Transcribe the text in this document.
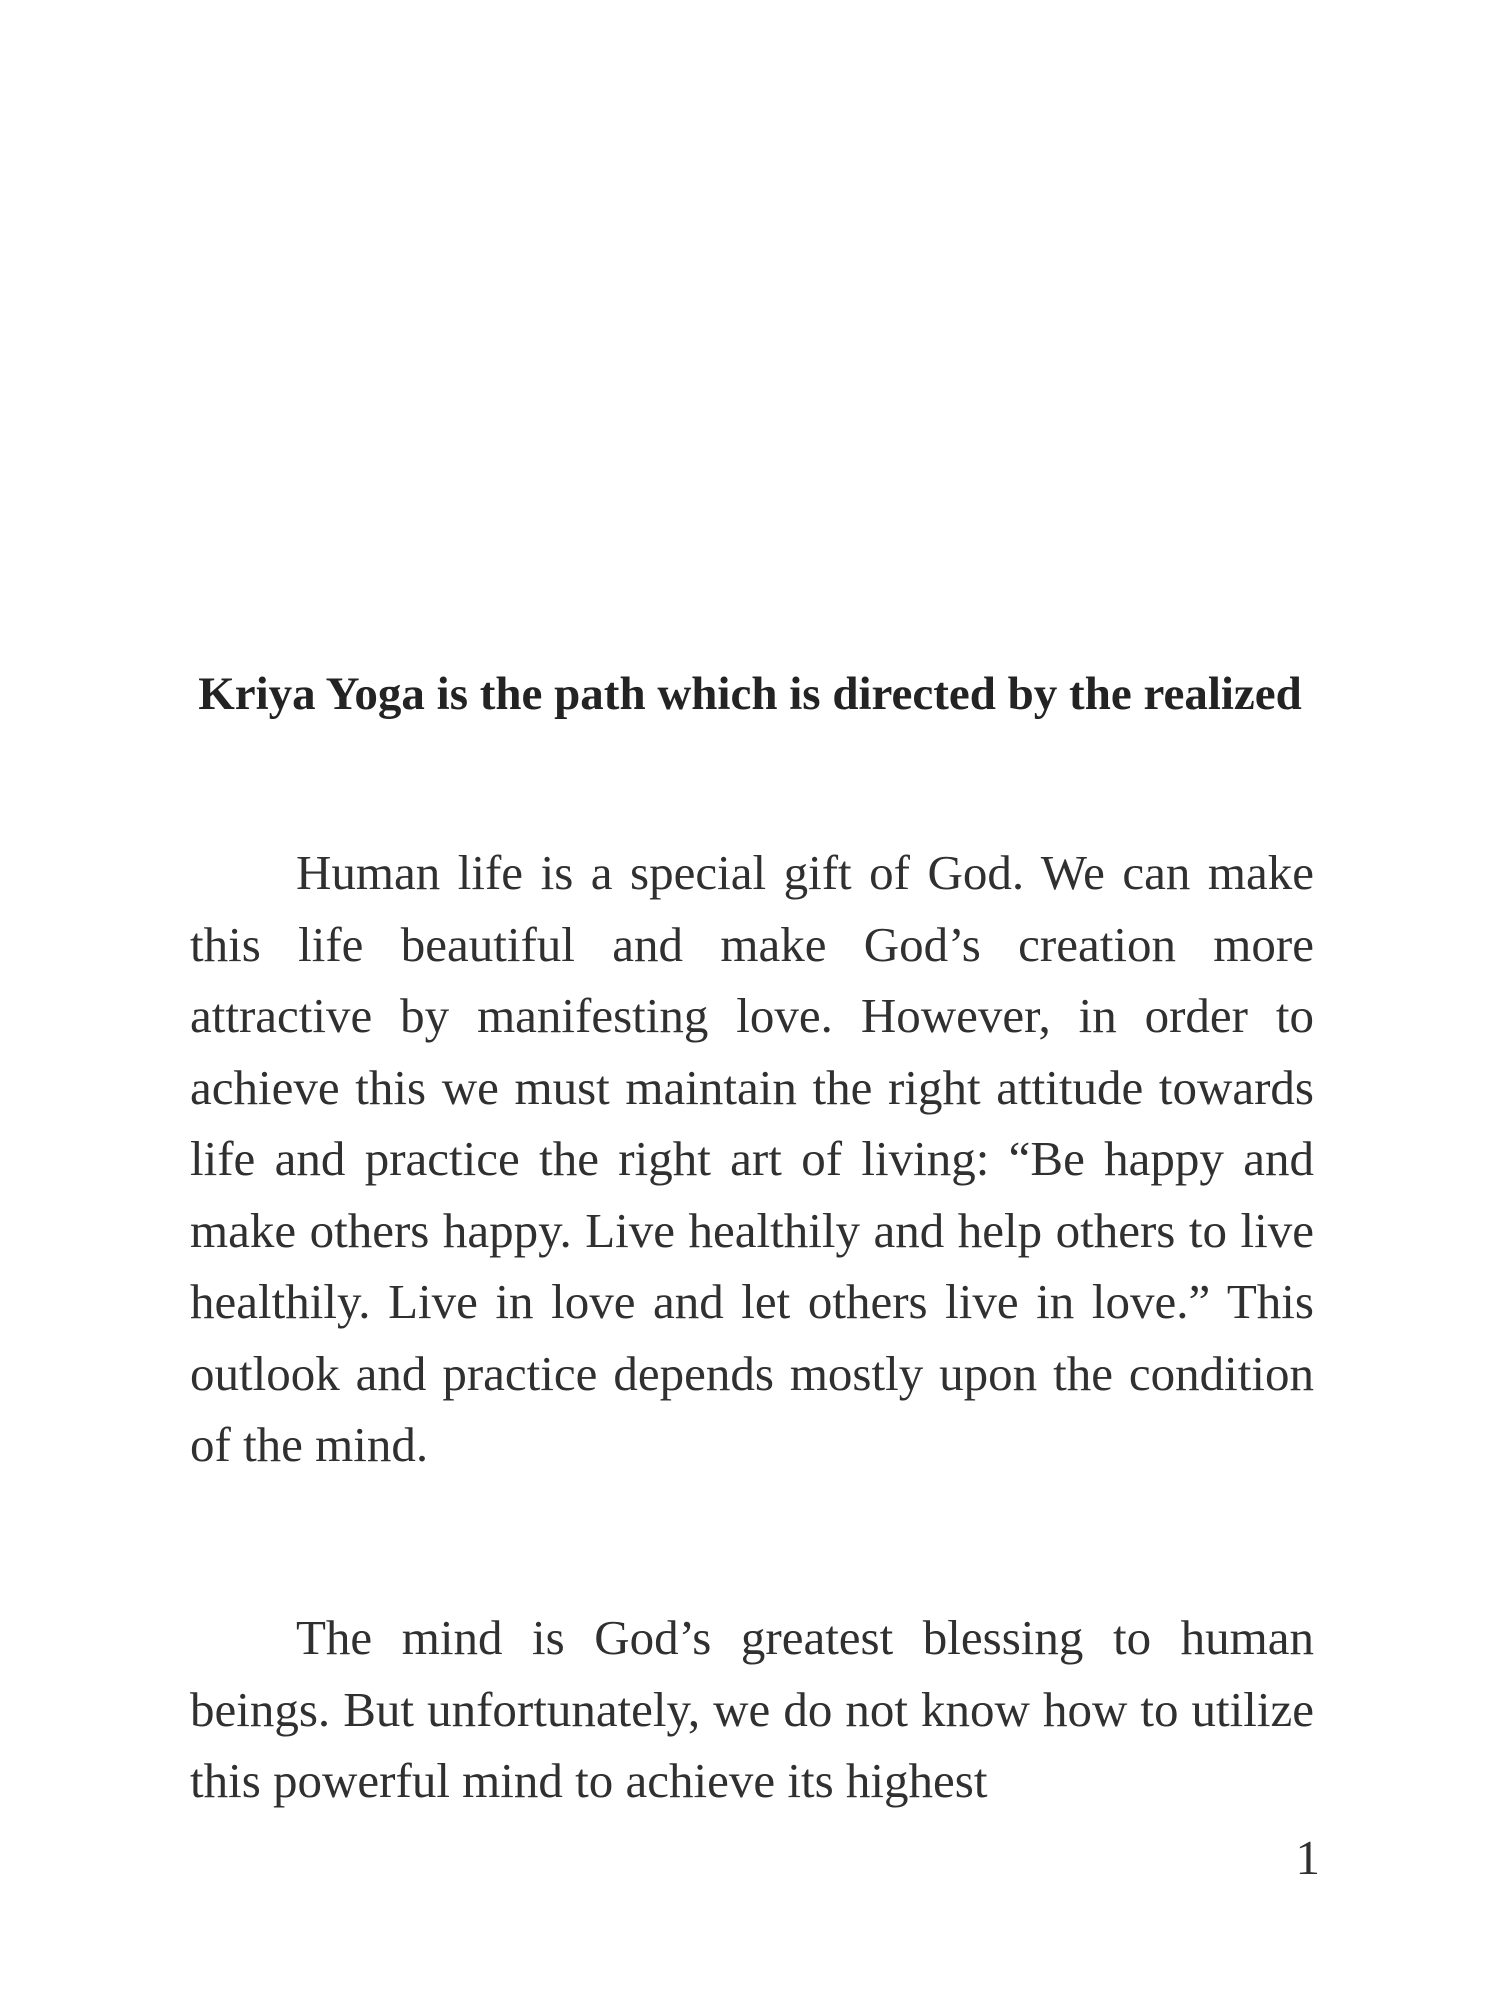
Kriya Yoga is the path which is directed by the realized

Human life is a special gift of God. We can make this life beautiful and make God’s creation more attractive by manifesting love. However, in order to achieve this we must maintain the right attitude towards life and practice the right art of living: “Be happy and make others happy. Live healthily and help others to live healthily. Live in love and let others live in love.” This outlook and practice depends mostly upon the condition of the mind.

The mind is God’s greatest blessing to human beings. But unfortunately, we do not know how to utilize this powerful mind to achieve its highest

1
